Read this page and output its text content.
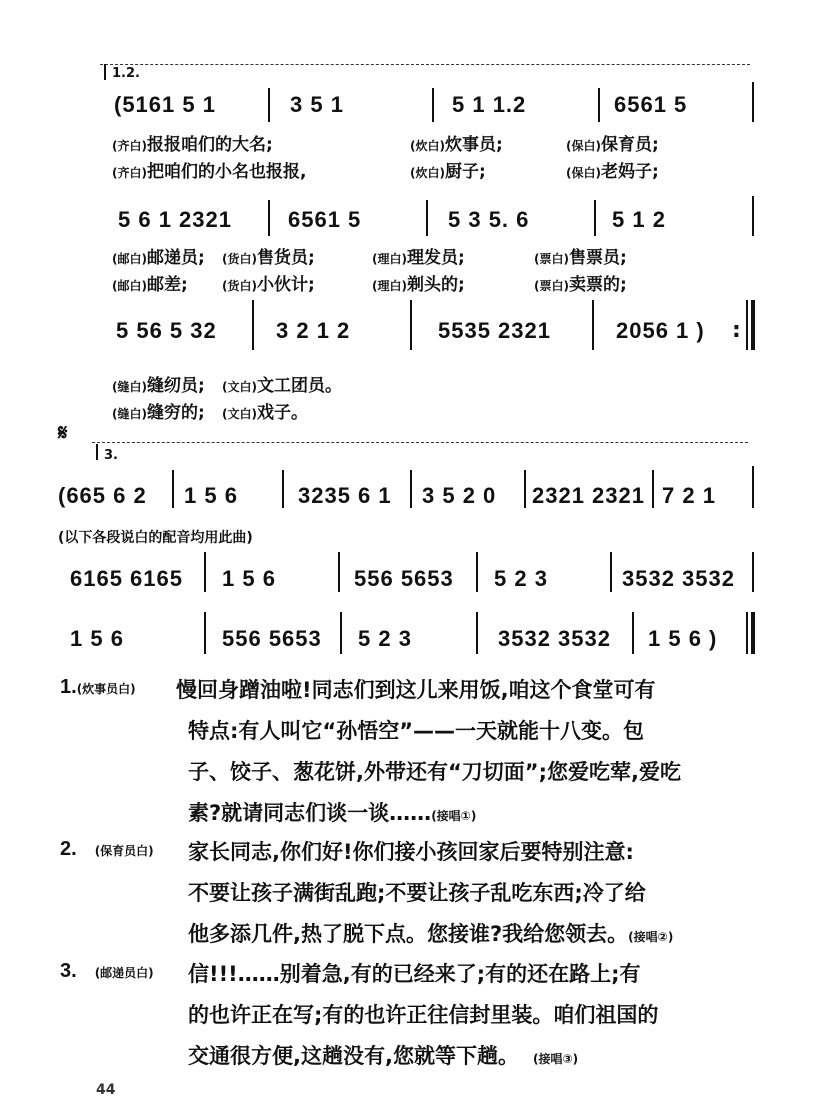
1.2.
(5161 5 1	3 5 1	5 1 1.2	6561 5
(齐白)报报咱们的大名;	(炊白)炊事员;	(保白)保育员;
(齐白)把咱们的小名也报报,	(炊白)厨子;	(保白)老妈子;
5 6 1 2321	6561 5	5 3 5. 6	5 1 2
(邮白)邮递员; (货白)售货员;	(理白)理发员;	(票白)售票员;
(邮白)邮差;	(货白)小伙计;	(理白)剃头的;	(票白)卖票的;
5 56 5 32	3 2 1 2	5535 2321	2056 1 ) :
(缝白)缝纫员; (文白)文工团员。
(缝白)缝穷的; (文白)戏子。
𝄋
3.
(665 6 2 1 5 6	3235 6 1 3 5 2 0 2321 2321 7 2 1
(以下各段说白的配音均用此曲)
6165 6165 1 5 6	556 5653 5 2 3	3532 3532
1 5 6	556 5653 5 2 3	3532 3532 1 5 6 )
1.(炊事员白) 慢回身蹭油啦!同志们到这儿来用饭,咱这个食堂可有
特点:有人叫它“孙悟空”——一天就能十八变。包
子、饺子、葱花饼,外带还有“刀切面”;您爱吃荤,爱吃
素?就请同志们谈一谈……(接唱①)
2. (保育员白) 家长同志,你们好!你们接小孩回家后要特别注意:
不要让孩子满街乱跑;不要让孩子乱吃东西;冷了给
他多添几件,热了脱下点。您接谁?我给您领去。(接唱②)
3. (邮递员白) 信!!!……别着急,有的已经来了;有的还在路上;有
的也许正在写;有的也许正往信封里装。咱们祖国的
交通很方便,这趟没有,您就等下趟。 (接唱③)
44
